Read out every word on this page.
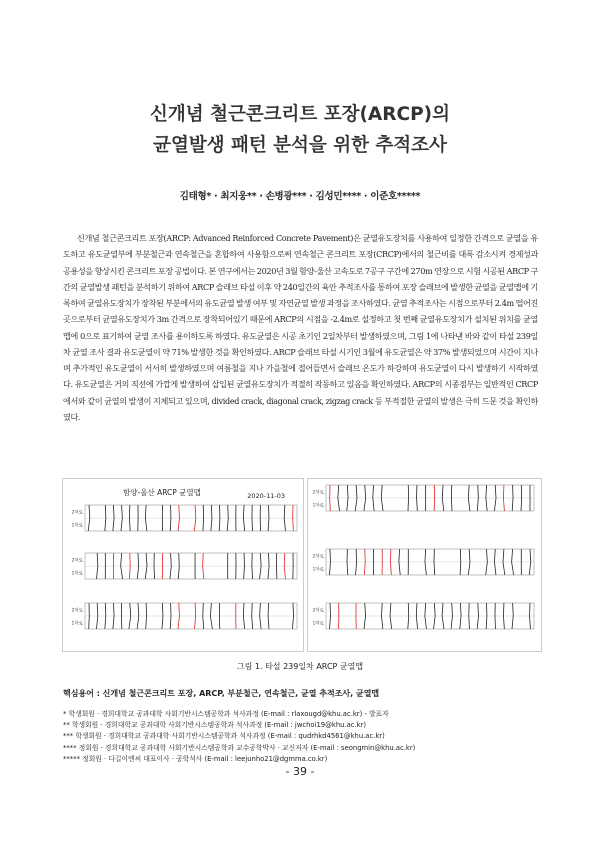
신개념 철근콘크리트 포장(ARCP)의
균열발생 패턴 분석을 위한 추적조사
김태형* · 최지웅** · 손병광*** · 김성민**** · 이준호*****

신개념 철근콘크리트 포장(ARCP: Advanced Reinforced Concrete Pavement)은 균열유도장치를 사용하여 일정한 간격으로 균열을 유도하고 유도균열부에 부분철근과 연속철근을 혼합하여 사용함으로써 연속철근 콘크리트 포장(CRCP)에서의 철근비를 대폭 감소시켜 경제성과 공용성을 향상시킨 콘크리트 포장 공법이다. 본 연구에서는 2020년 3월 함양-울산 고속도로 7공구 구간에 270m 연장으로 시험 시공된 ARCP 구간의 균열발생 패턴을 분석하기 위하여 ARCP 슬래브 타설 이후 약 240일간의 육안 추적조사를 통하여 포장 슬래브에 발생한 균열을 균열맵에 기록하여 균열유도장치가 장착된 부분에서의 유도균열 발생 여부 및 자연균열 발생 과정을 조사하였다. 균열 추적조사는 시점으로부터 2.4m 떨어진 곳으로부터 균열유도장치가 3m 간격으로 장착되어있기 때문에 ARCP의 시점을 -2.4m로 설정하고 첫 번째 균열유도장치가 설치된 위치를 균열맵에 0으로 표기하여 균열 조사를 용이하도록 하였다. 유도균열은 시공 초기인 2일차부터 발생하였으며, 그림 1에 나타낸 바와 같이 타설 239일차 균열 조사 결과 유도균열이 약 71% 발생한 것을 확인하였다. ARCP 슬래브 타설 시기인 3월에 유도균열은 약 37% 발생되었으며 시간이 지나며 추가적인 유도균열이 서서히 발생하였으며 여름철을 지나 가을철에 접어들면서 슬래브 온도가 하강하며 유도균열이 다시 발생하기 시작하였다. 유도균열은 거의 직선에 가깝게 발생하여 삽입된 균열유도장치가 적절히 작동하고 있음을 확인하였다. ARCP의 시종점부는 일반적인 CRCP에서와 같이 균열의 발생이 지체되고 있으며, divided crack, diagonal crack, zigzag crack 등 부적절한 균열의 발생은 극히 드문 것을 확인하였다.

함양-울산 ARCP 균열맵	2020-11-03
2차로
1차로
2차로
1차로
2차로
1차로
2차로
1차로
2차로
1차로
2차로
1차로
그림 1. 타설 239일차 ARCP 균열맵
핵심용어 : 신개념 철근콘크리트 포장, ARCP, 부분철근, 연속철근, 균열 추적조사, 균열맵
* 학생회원 · 경희대학교 공과대학 사회기반시스템공학과 석사과정 (E-mail : rlaxougd@khu.ac.kr) - 발표자
** 학생회원 · 경희대학교 공과대학 사회기반시스템공학과 석사과정 (E-mail : jwchoi19@khu.ac.kr)
*** 학생회원 · 경희대학교 공과대학 사회기반시스템공학과 석사과정 (E-mail : qudrhkd4561@khu.ac.kr)
**** 정회원 · 경희대학교 공과대학 사회기반시스템공학과 교수공학박사 · 교신저자 (E-mail : seongmin@khu.ac.kr)
***** 정회원 · 다길이엔씨 대표이사 · 공학석사 (E-mail : leejunho21@dgmma.co.kr)
- 39 -
